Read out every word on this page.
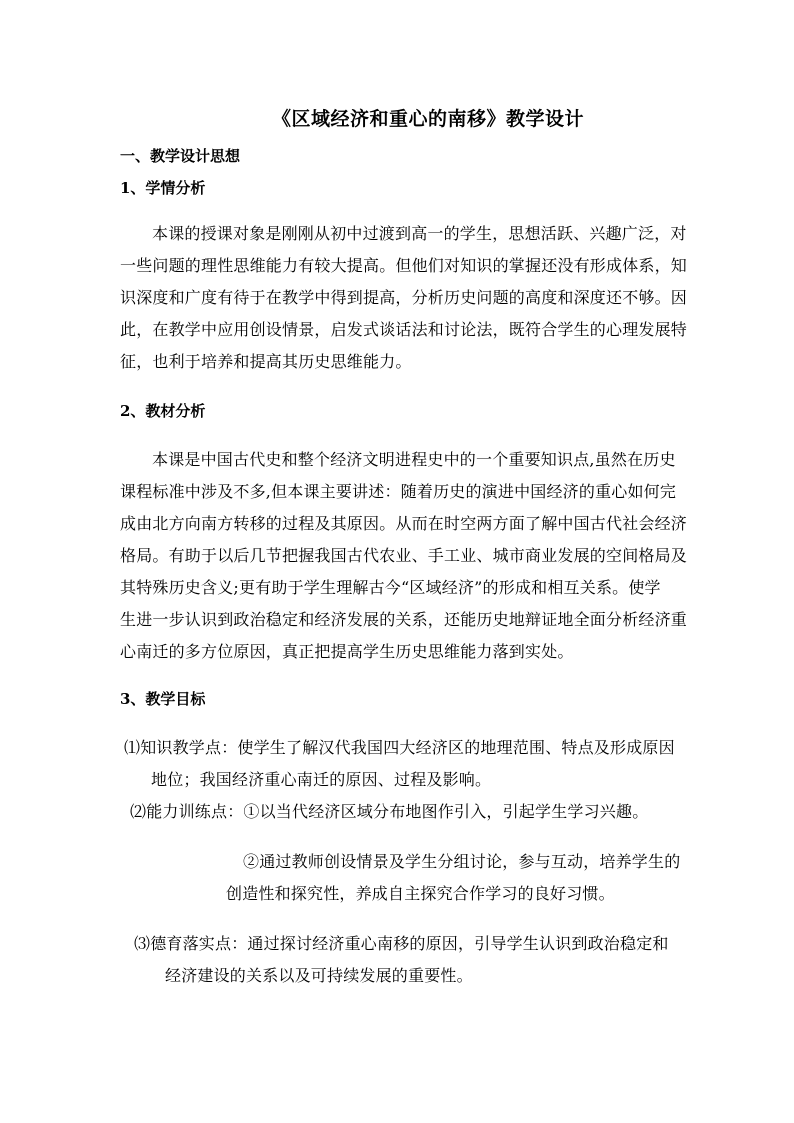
《区域经济和重心的南移》教学设计
一、教学设计思想
1、学情分析
本课的授课对象是刚刚从初中过渡到高一的学生，思想活跃、兴趣广泛，对
一些问题的理性思维能力有较大提高。但他们对知识的掌握还没有形成体系，知
识深度和广度有待于在教学中得到提高，分析历史问题的高度和深度还不够。因
此，在教学中应用创设情景，启发式谈话法和讨论法，既符合学生的心理发展特
征，也利于培养和提高其历史思维能力。
2、教材分析
本课是中国古代史和整个经济文明进程史中的一个重要知识点,虽然在历史
课程标准中涉及不多,但本课主要讲述：随着历史的演进中国经济的重心如何完
成由北方向南方转移的过程及其原因。从而在时空两方面了解中国古代社会经济
格局。有助于以后几节把握我国古代农业、手工业、城市商业发展的空间格局及
其特殊历史含义;更有助于学生理解古今“区域经济”的形成和相互关系。使学
生进一步认识到政治稳定和经济发展的关系，还能历史地辩证地全面分析经济重
心南迁的多方位原因，真正把提高学生历史思维能力落到实处。
3、教学目标
⑴知识教学点：使学生了解汉代我国四大经济区的地理范围、特点及形成原因
地位；我国经济重心南迁的原因、过程及影响。
⑵能力训练点：①以当代经济区域分布地图作引入，引起学生学习兴趣。
②通过教师创设情景及学生分组讨论，参与互动，培养学生的
创造性和探究性，养成自主探究合作学习的良好习惯。
⑶德育落实点：通过探讨经济重心南移的原因，引导学生认识到政治稳定和
经济建设的关系以及可持续发展的重要性。
